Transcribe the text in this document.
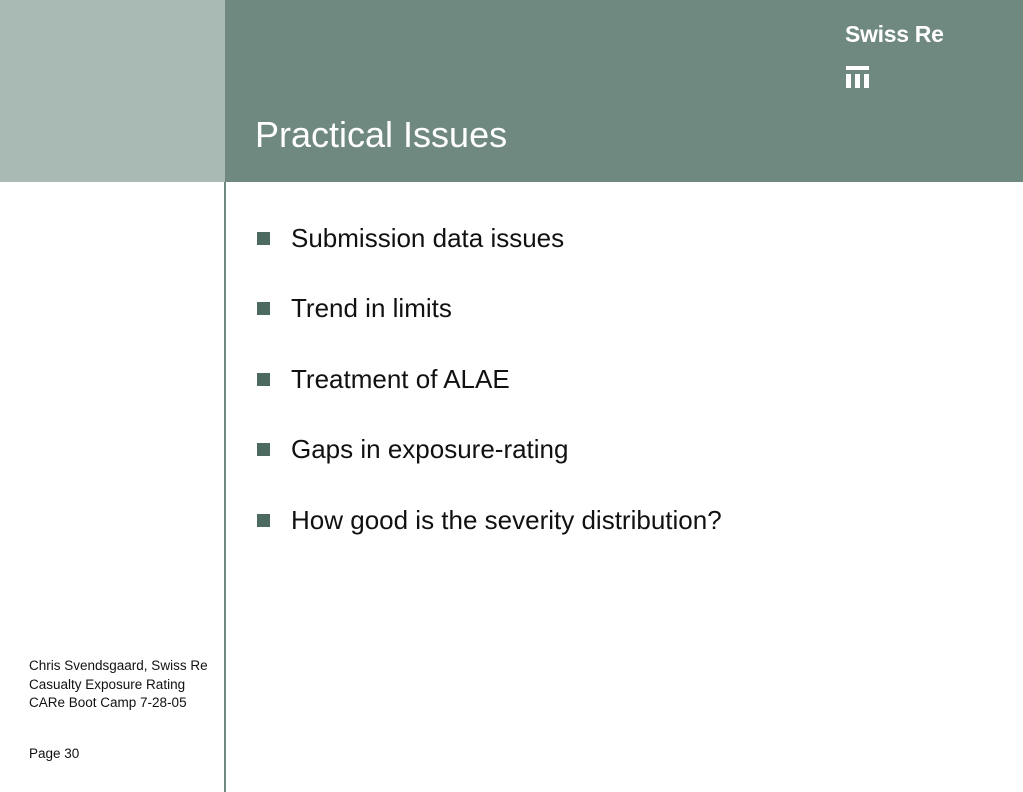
Practical Issues
Swiss Re
Submission data issues
Trend in limits
Treatment of ALAE
Gaps in exposure-rating
How good is the severity distribution?
Chris Svendsgaard, Swiss Re
Casualty Exposure Rating
CARe Boot Camp 7-28-05
Page 30
